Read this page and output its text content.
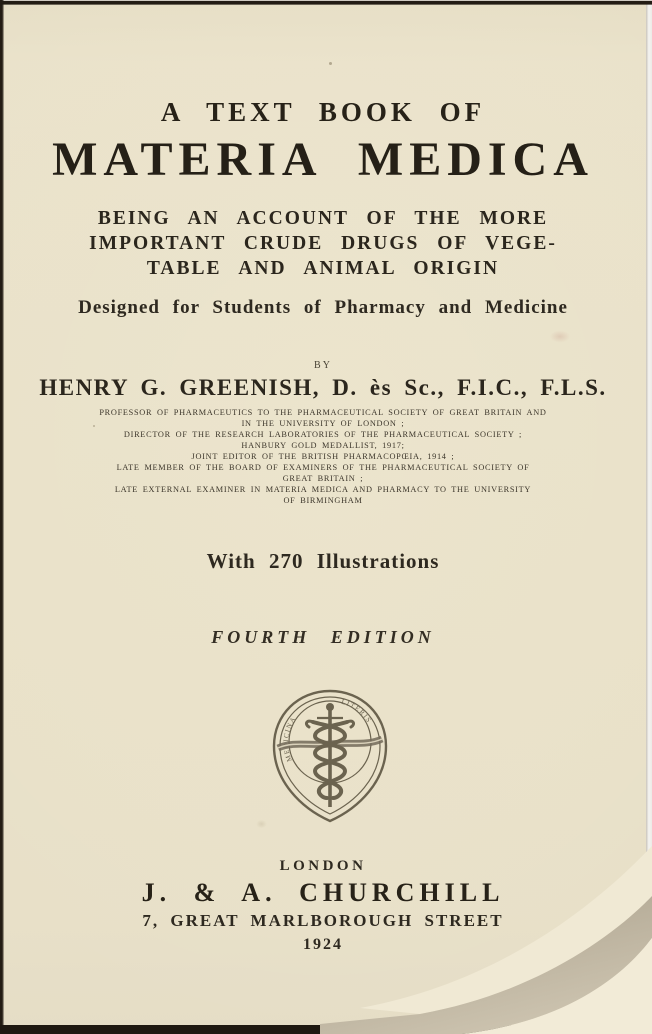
A TEXT BOOK OF
MATERIA MEDICA
BEING AN ACCOUNT OF THE MORE
IMPORTANT CRUDE DRUGS OF VEGE-
TABLE AND ANIMAL ORIGIN
Designed for Students of Pharmacy and Medicine
BY
HENRY G. GREENISH, D. ès Sc., F.I.C., F.L.S.
PROFESSOR OF PHARMACEUTICS TO THE PHARMACEUTICAL SOCIETY OF GREAT BRITAIN AND
IN THE UNIVERSITY OF LONDON ;
DIRECTOR OF THE RESEARCH LABORATORIES OF THE PHARMACEUTICAL SOCIETY ;
HANBURY GOLD MEDALLIST, 1917;
JOINT EDITOR OF THE BRITISH PHARMACOPŒIA, 1914 ;
LATE MEMBER OF THE BOARD OF EXAMINERS OF THE PHARMACEUTICAL SOCIETY OF
GREAT BRITAIN ;
LATE EXTERNAL EXAMINER IN MATERIA MEDICA AND PHARMACY TO THE UNIVERSITY
OF BIRMINGHAM
With 270 Illustrations
FOURTH EDITION
MEDICINA
LITERIS
LONDON
J. & A. CHURCHILL
7, GREAT MARLBOROUGH STREET
1924
